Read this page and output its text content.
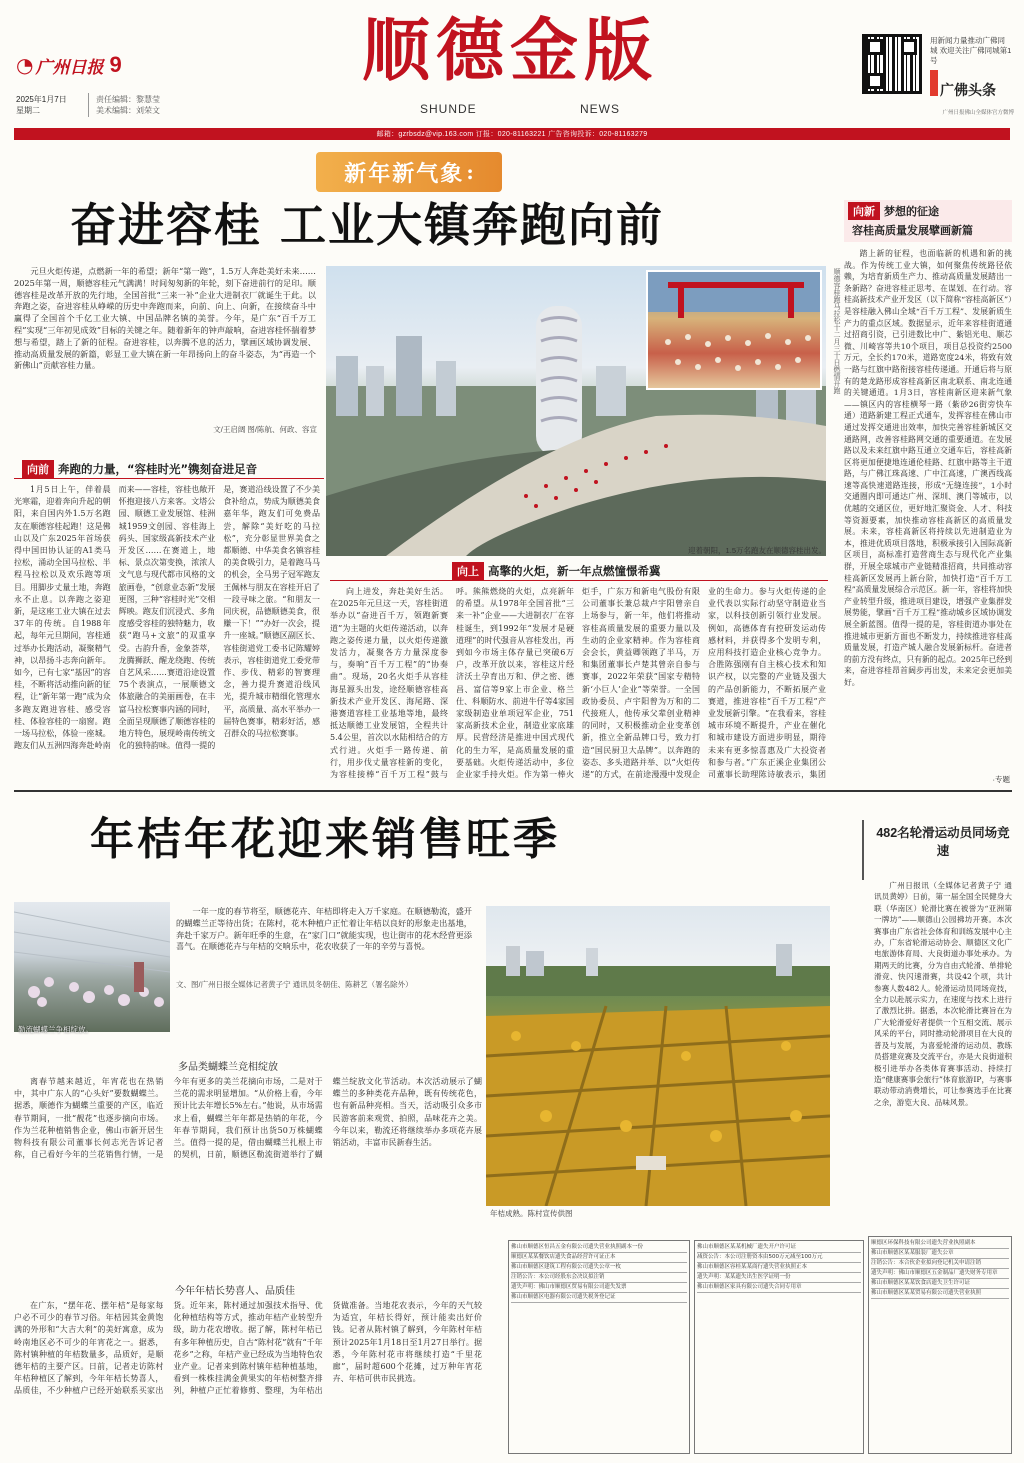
◔ 广州日报 9
2025年1月7日
星期二
责任编辑：黎慧莹
美术编辑：刘荣文
顺德金版
SHUNDE	NEWS
用新闻力量推动广佛同城 欢迎关注广佛同城第1号
广佛头条
广州日报佛山全媒体官方微博
邮箱：gzrbsdz@vip.163.com 订报：020-81163221 广告咨询投诉：020-81163279
新年新气象 :
奋进容桂 工业大镇奔跑向前

元旦火炬传递，点燃新一年的希望；新年“第一跑”，1.5万人奔赴美好未来……2025年第一周，顺德容桂元气满满！时间匆匆新的年轮，刻下奋进前行的足印。顺德容桂是改革开放的先行地，全国首批“三来一补”企业大进制衣厂就诞生于此。以奔跑之姿，奋进容桂从峥嵘的历史中奔跑而来，向前、向上、向新，在接续奋斗中赢得了全国首个千亿工业大镇、中国品牌名镇的美誉。今年，是广东“百千万工程”实现“三年初见成效”目标的关键之年。随着新年的钟声敲响，奋进容桂怀揣着梦想与希望，踏上了新的征程。奋进容桂，以奔腾不息的活力，擘画区域协调发展、推动高质量发展的新篇，彰显工业大镇在新一年昂扬向上的奋斗姿态，为“再造一个新佛山”贡献容桂力量。

文/王启阔 图/陈航、何政、容宣
迎着朝阳，1.5万名跑友在顺德容桂出发。
顺德容桂跑马拉松十二月三十日燃情开跑
向前 奔跑的力量，“容桂时光”镌刻奋进足音

1月5日上午，伴着晨光寒霜，迎着奔向升起的朝阳，来自国内外1.5万名跑友在顺德容桂起跑！这是佛山以及广东2025年首场获得中国田协认证的A1类马拉松，涌动全国马拉松、半程马拉松以及欢乐跑等项目。用脚步丈量土地，奔跑永不止息。以奔跑之姿迎新，是这座工业大镇在过去37年的传统。自1988年起，每年元旦期间，容桂通过举办长跑活动，凝聚精气神，以昂扬斗志奔向新年。如今，已有七家“基因”的容桂，不断将活动推向新的征程，让“新年第一跑”成为众多跑友跑进容桂、感受容桂、体验容桂的一扇窗。跑一场马拉松，体验一座城。跑友们从五洲四海奔赴岭南而来——容桂，容桂也敞开怀抱迎接八方来客。文塔公园、顺德工业发展馆、桂洲城1959文创园、容桂海上码头、国家级高新技术产业开发区……在赛道上，地标、景点次第变换，浓浓人文气息与现代都市风格的文旅画卷，“创意业态新”发展更图，三种“容桂时光”交相辉映。跑友们沉浸式、多角度感受容桂的独特魅力，收获“跑马+文旅”的双重享受。古韵升香，金象荟萃，龙腾狮跃、醒龙绕跑、传统自艺风采……赛道沿途设置75个表演点，一展顺德文体旅融合的美丽画卷，在丰富马拉松赛事内涵的同时，全面呈现顺德了顺德容桂的地方特色，展现岭南传统文化的独特韵味。值得一提的是，赛道沿线设置了不少美食补给点，势成为顺德美食嘉年华，跑友们可免费品尝，解除“美好吃的马拉松”，充分彰显世界美食之都顺德、中华美食名镇容桂的美食吸引力，是着跑马马的机会，全马男子冠军跑友王佩林与朋友在容桂开启了一段寻味之旅。“和朋友一同庆祝，品德顺德美食，很赚一下！”“办好一次会，提升一座城。”顺德区副区长、容桂街道党工委书记陈耀婷表示，容桂街道党工委党带作、步伐、精彩的智赛理念，善力提升赛道沿线风光，提升城市精细化管理水平，高质量、高水平举办一届特色赛事，精彩好活，感召群众的马拉松赛事。

向上 高擎的火炬，新一年点燃憧憬希冀

向上进发，奔赴美好生活。在2025年元旦这一天，容桂街道举办以“奋进百千万，领跑新赛道”为主题的火炬传递活动，以奔跑之姿传递力量，以火炬传递激发活力，凝聚各方力量深度参与，奏响“百千万工程”的“协奏曲”。现场，20名火炬手从容桂海星源头出发，途经顺德容桂高新技术产业开发区、海尾路、深港赛道容桂工业基地等地，最终抵达顺德工业发展馆，全程共计5.4公里，首次以水陆相结合的方式行进。火炬手一路传递、前行，用步伐丈量容桂新的变化，为容桂接棒“百千万工程”鼓与呼。熊熊燃烧的火炬，点亮新年的希望。从1978年全国首批“三来一补”企业——大进制衣厂在容桂诞生，到1992年“发展才是硬道理”的时代强音从容桂发出，再到如今市场主体存量已突破6万户，改革开放以来，容桂这片经济沃土孕育出万和、伊之密、德昌、富信等9家上市企业、格兰仕、科顺防水、前进牛仔等4家国家级制造业单项冠军企业，751家高新技术企业，制造业家底雄厚。民营经济是推进中国式现代化的生力军，是高质量发展的重要基础。火炬传递活动中，多位企业家手持火炬。作为第一棒火炬手，广东万和新电气股份有限公司董事长兼总裁卢宇阳曾亲自上场参与，新一年，他们将推动容桂高质量发展的重要力量以及生动的企业家精神。作为容桂商会会长，黄益卿领跑了半马，万和集团董事长卢楚其曾亲自参与赛事，2022年荣获“国家专精特新‘小巨人’企业”等荣誉。一全国政协委员、卢宇阳曾为万和的二代接班人，他传承父辈创业精神的同时，又积极推动企业变革创新，推立全新品牌口号，致力打造“国民厨卫大品牌”。以奔跑的姿态、多头道路并举、以“火炬传递”的方式，在前途漫漫中发现企业的生命力。参与火炬传递的企业代表以实际行动坚守制造业当家，以科技创新引领行业发展。例如，高德体育有控研发运动传感材料，并获得多个发明专利，应用科技打造企业核心竞争力。合胜陈强刚有自主核心技术和知识产权，以完整的产业链及强大的产品创新能力，不断拓展产业赛道，推进容桂“百千万工程”产业发展新引擎。“在我看来，容桂城市环境不断提升，产业在催化和城市建设方面进步明显，期待未来有更多惊喜惠及广大投资者和参与者。”广东正溪企业集团公司董事长助理陈诗敏表示，集团

向新 梦想的征途
容桂高质量发展擘画新篇

踏上新的征程，也面临新的机遇和新的挑战。作为传统工业大镇，如何聚焦传统路径依赖，为培育新质生产力、推动高质量发展踏出一条新路？奋进容桂正思考、在谋划、在行动。容桂高新技术产业开发区（以下简称“容桂高新区”）是容桂融入佛山全域“百千万工程”、发展新质生产力的重点区域。数据显示，近年来容桂街道通过招商引资，已引进数比中广、紫铝光电、顺芯微、川崎容等共10个项目，项目总投资约2500万元，全长约170米，道路宽度24米，将致有效一路与红旗中路衔接容桂传递通。开通后将与原有的楚龙路形成容桂高新区南北联系、南北连通的关键通道。1月3日，容桂南新区迎来新气象——镇区内的容桂横琴一路（紫砂26街旁快车通）道路新建工程正式通车，发挥容桂在佛山市通过发挥交通进出效率，加快完善容桂新城区交通路网，改善容桂路网交通的重要通道。在发展路以及未来红旗中路互通立交通车后，容桂高新区将更加便捷地连通伦桂路、红旗中路等主干道路，与广佛江珠高速、广中江高速，广澳西线高速等高快速道路连接，形成“无缝连接”，1小时交通圈内即可通达广州、深圳、澳门等城市，以优越的交通区位，更好地汇聚资金、人才、科技等资源要素，加快推动容桂高新区的高质量发展。未来，容桂高新区将持续以先进制造业为本，推进优质项目落地，积极承接引入国际高新区项目，高标准打造营商生态与现代化产业集群，开展全球城市产业链精准招商，共同推动容桂高新区发展再上新台阶，加快打造“百千万工程”高质量发展综合示范区。新一年，容桂将加快产业转型升级，推进项目建设，增强产业集群发展势能，擘画“百千万工程”推动城乡区域协调发展全新蓝图。值得一提的是，容桂街道办事处在推进城市更新方面也不断发力，持续推进容桂高质量发展，打造产城人融合发展新标杆。奋进者的前方没有终点，只有新的起点。2025年已经到来，奋进容桂昂首阔步再出发，未来定会更加美好。

·专题
年桔年花迎来销售旺季
勒流蝴蝶兰争相绽放。

一年一度的春节将至，顺德花卉、年桔即将走入万千家庭。在顺德勒流，盛开的蝴蝶兰正等待出货；在陈村，花木种植户正忙着让年桔以良好的形象走出基地，奔赴千家万户。新年旺季的生意，在“家门口”就能实现，也让街市的花木经营更添喜气。在顺德花卉与年桔的交响乐中，花农收获了一年的辛劳与喜悦。

文、图/广州日报全媒体记者黄子宁 通讯员冬朝佳、陈耕艺（署名除外）
年桔成熟。陈村宣传供图
多品类蝴蝶兰竞相绽放

离春节越来越近，年宵花也在热销中，其中广东人的“心头好”要数蝴蝶兰。据悉，顺德作为蝴蝶兰重要的产区，临近春节期间，一批“靓花”也逐步摘向市场。作为兰花种植销售企业，佛山市新开居生物科技有限公司董事长何志光告诉记者称，自己看好今年的兰花销售行情，一是今年有更多的美兰花摘向市场，二是对于兰花的需求明显增加。“从价格上看，今年预计比去年增长5%左右。”他说，从市场需求上看，蝴蝶兰年年都是热销的年花，今年春节期间，我们预计出货50万株蝴蝶兰。值得一提的是，借由蝴蝶兰扎根上市的契机，日前，顺德区勒流街道举行了蝴蝶兰绽放文化节活动。本次活动展示了蝴蝶兰的多种类花卉品种，既有传统花色，也有新品种亮相。当天，活动吸引众多市民游客前来观赏、拍照，品味花卉之美。今年以来，勒流还将继续举办多项花卉展销活动，丰富市民新春生活。

今年年桔长势喜人、品质佳

在广东，“摆年花、摆年桔”是每家每户必不可少的春节习俗。年桔因其金黄饱满的外形和“大吉大利”的美好寓意，成为岭南地区必不可少的年宵花之一。据悉，陈村镇种植的年桔数量多，品质好，是顺德年桔的主要产区。日前，记者走访陈村年桔种植区了解到，今年年桔长势喜人，品质佳，不少种植户已经开始联系买家出货。近年来，陈村通过加强技术指导、优化种植结构等方式，推动年桔产业转型升级，助力花农增收。据了解，陈村年桔已有多年种植历史，自古“陈村花”就有“千年花乡”之称，年桔产业已经成为当地特色农业产业。记者来到陈村镇年桔种植基地，看到一株株挂满金黄果实的年桔树整齐排列，种植户正忙着修剪、整理，为年桔出货做准备。当地花农表示，今年的天气较为适宜，年桔长得好，预计能卖出好价钱。记者从陈村镇了解到，今年陈村年桔预计2025年1月18日至1月27日举行。据悉，今年陈村花市将继续打造“千里花廊”，届时超600个花摊，过万种年宵花卉、年桔可供市民挑选。

佛山市顺德区恒昌五金有限公司遗失营业执照副本一份
顺德区某某餐饮店遗失食品经营许可证正本
佛山市顺德区建筑工程有限公司遗失公章一枚
注销公告：本公司经股东会决议拟注销
遗失声明：佛山市顺德区贸易有限公司遗失发票
佛山市顺德区电器有限公司遗失税务登记证
佛山市顺德区某某机械厂遗失开户许可证
减资公告：本公司注册资本由500万元减至100万元
佛山市顺德区容桂某某商行遗失营业执照正本
遗失声明：某某遗失出生医学证明一份
佛山市顺德区家具有限公司遗失合同专用章
顺德区环保科技有限公司遗失营业执照副本
佛山市顺德区某某服装厂遗失公章
注销公告：本合伙企业拟向登记机关申请注销
遗失声明：佛山市顺德区五金制品厂遗失财务专用章
佛山市顺德区某某饮食店遗失卫生许可证
佛山市顺德区某某贸易有限公司遗失营业执照
482名轮滑运动员同场竞速

广州日报讯（全媒体记者黄子宁 通讯员黄婷）日前，第一届全国全民健身大联（华南区）轮滑比赛在被誉为“亚洲第一牌坊”——顺德山公园拂坊开赛。本次赛事由广东省社会体育和训练发展中心主办，广东省轮滑运动协会、顺德区文化广电旅游体育局、大良街道办事处承办。为期两天的比赛，分为自由式轮滑、单排轮滑竞、快闪速滑赛，共设42个项，共计参赛人数482人。轮滑运动员同场竞技，全力以赴展示实力，在速度与技术上进行了激烈比拼。据悉，本次轮滑比赛旨在为广大轮滑爱好者提供一个互相交流、展示风采的平台，同时推动轮滑项目在大良的普及与发展，为喜爱轮滑的运动员、教练员搭建竞赛及交流平台，亦是大良街道积极引进举办各类体育赛事活动、持续打造“健康赛事会旅行”体育旅游IP，与赛事联动带动消费增长，可让参赛选手在比赛之余，游览大良、品味风景。
